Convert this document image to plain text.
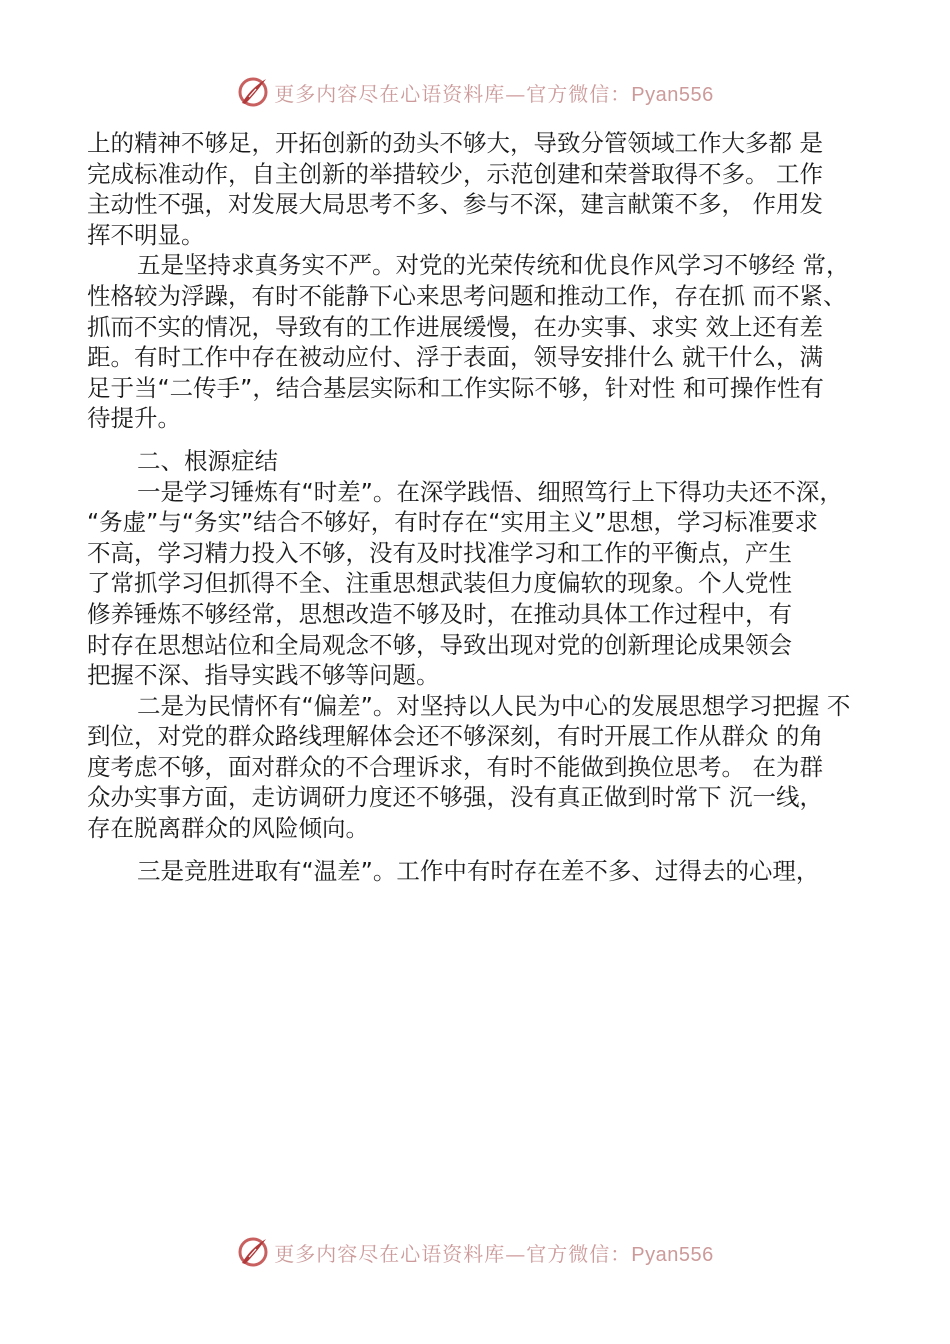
更多内容尽在心语资料库—官方微信：Pyan556
上的精神不够足，开拓创新的劲头不够大，导致分管领域工作大多都 是
完成标准动作，自主创新的举措较少，示范创建和荣誉取得不多。 工作
主动性不强，对发展大局思考不多、参与不深，建言献策不多， 作用发
挥不明显。
五是坚持求真务实不严。对党的光荣传统和优良作风学习不够经 常，
性格较为浮躁，有时不能静下心来思考问题和推动工作，存在抓 而不紧、
抓而不实的情况，导致有的工作进展缓慢，在办实事、求实 效上还有差
距。有时工作中存在被动应付、浮于表面，领导安排什么 就干什么，满
足于当“二传手”，结合基层实际和工作实际不够，针对性 和可操作性有
待提升。
二、根源症结
一是学习锤炼有“时差”。在深学践悟、细照笃行上下得功夫还不深，
“务虚”与“务实”结合不够好，有时存在“实用主义”思想，学习标准要求
不高，学习精力投入不够，没有及时找准学习和工作的平衡点，产生
了常抓学习但抓得不全、注重思想武装但力度偏软的现象。个人党性
修养锤炼不够经常，思想改造不够及时，在推动具体工作过程中，有
时存在思想站位和全局观念不够，导致出现对党的创新理论成果领会
把握不深、指导实践不够等问题。
二是为民情怀有“偏差”。对坚持以人民为中心的发展思想学习把握 不
到位，对党的群众路线理解体会还不够深刻，有时开展工作从群众 的角
度考虑不够，面对群众的不合理诉求，有时不能做到换位思考。 在为群
众办实事方面，走访调研力度还不够强，没有真正做到时常下 沉一线，
存在脱离群众的风险倾向。
三是竞胜进取有“温差”。工作中有时存在差不多、过得去的心理，
更多内容尽在心语资料库—官方微信：Pyan556
